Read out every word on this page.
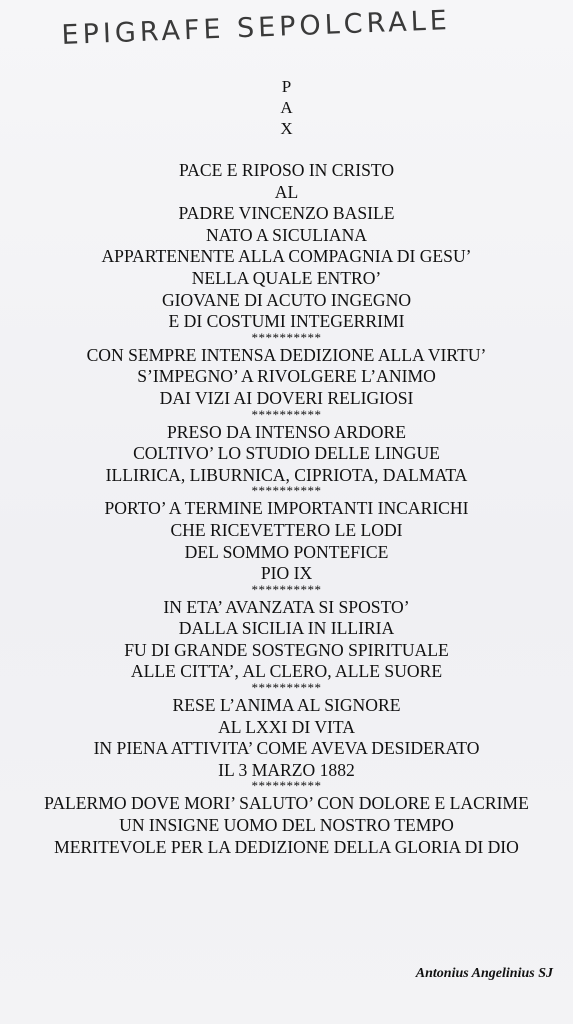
EPIGRAFE SEPOLCRALE
P
A
X
PACE E RIPOSO IN CRISTO
AL
PADRE VINCENZO BASILE
NATO A SICULIANA
APPARTENENTE ALLA COMPAGNIA DI GESU’
NELLA QUALE ENTRO’
GIOVANE DI ACUTO INGEGNO
E DI COSTUMI INTEGERRIMI
**********
CON SEMPRE INTENSA DEDIZIONE ALLA VIRTU’
S’IMPEGNO’ A RIVOLGERE L’ANIMO
DAI VIZI AI DOVERI RELIGIOSI
**********
PRESO DA INTENSO ARDORE
COLTIVO’ LO STUDIO DELLE LINGUE
ILLIRICA, LIBURNICA, CIPRIOTA, DALMATA
**********
PORTO’ A TERMINE IMPORTANTI INCARICHI
CHE RICEVETTERO LE LODI
DEL SOMMO PONTEFICE
PIO IX
**********
IN ETA’ AVANZATA SI SPOSTO’
DALLA SICILIA IN ILLIRIA
FU DI GRANDE SOSTEGNO SPIRITUALE
ALLE CITTA’, AL CLERO, ALLE SUORE
**********
RESE L’ANIMA AL SIGNORE
AL LXXI DI VITA
IN PIENA ATTIVITA’ COME AVEVA DESIDERATO
IL 3 MARZO 1882
**********
PALERMO DOVE MORI’ SALUTO’ CON DOLORE E LACRIME
UN INSIGNE UOMO DEL NOSTRO TEMPO
MERITEVOLE PER LA DEDIZIONE DELLA GLORIA DI DIO
Antonius Angelinius SJ
